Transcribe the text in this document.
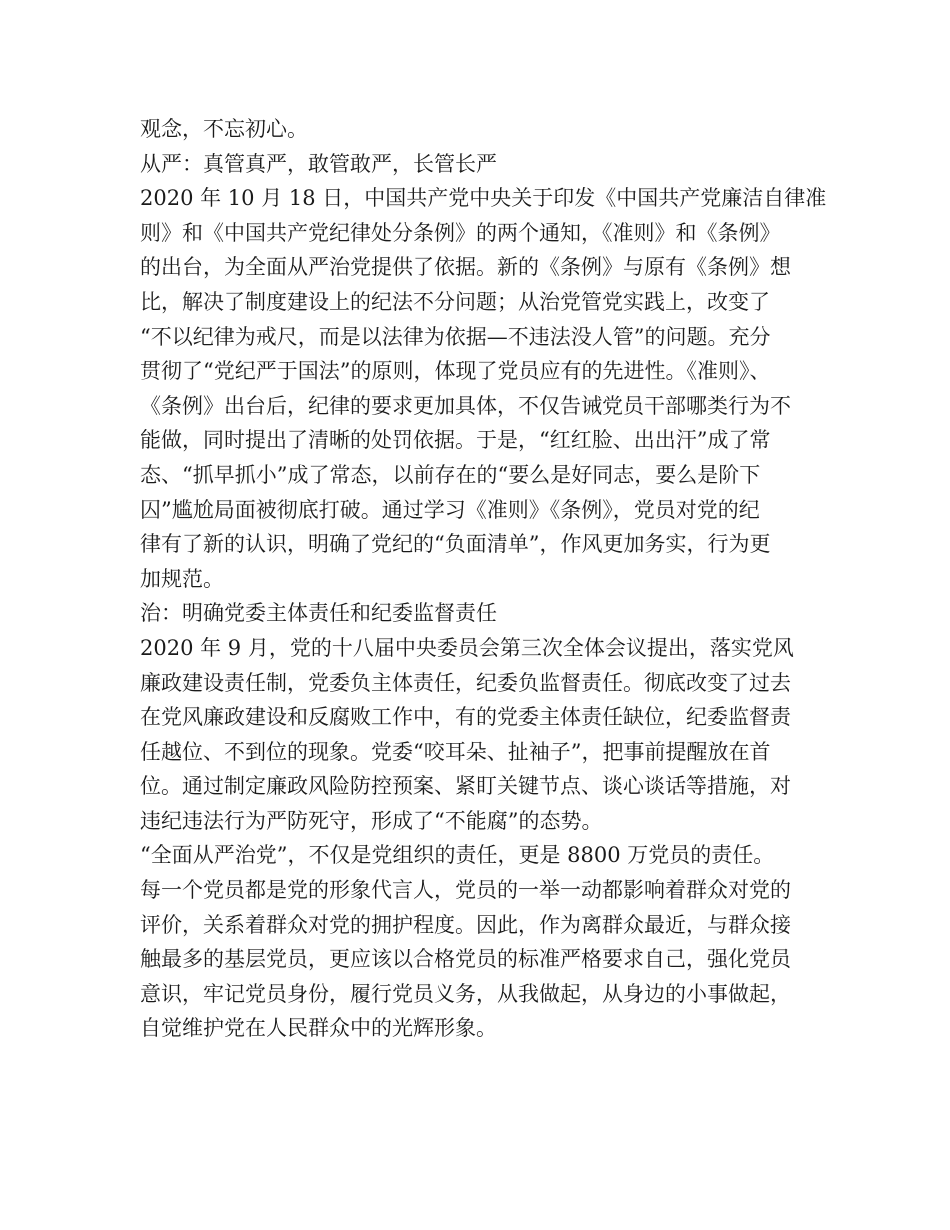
观念，不忘初心。
从严：真管真严，敢管敢严，长管长严
2020 年 10 月 18 日，中国共产党中央关于印发《中国共产党廉洁自律准
则》和《中国共产党纪律处分条例》的两个通知，《准则》和《条例》
的出台，为全面从严治党提供了依据。新的《条例》与原有《条例》想
比，解决了制度建设上的纪法不分问题；从治党管党实践上，改变了
“不以纪律为戒尺，而是以法律为依据—不违法没人管”的问题。充分
贯彻了“党纪严于国法”的原则，体现了党员应有的先进性。《准则》、
《条例》出台后，纪律的要求更加具体，不仅告诫党员干部哪类行为不
能做，同时提出了清晰的处罚依据。于是，“红红脸、出出汗”成了常
态、“抓早抓小”成了常态，以前存在的“要么是好同志，要么是阶下
囚”尴尬局面被彻底打破。通过学习《准则》《条例》，党员对党的纪
律有了新的认识，明确了党纪的“负面清单”，作风更加务实，行为更
加规范。
治：明确党委主体责任和纪委监督责任
2020 年 9 月，党的十八届中央委员会第三次全体会议提出，落实党风
廉政建设责任制，党委负主体责任，纪委负监督责任。彻底改变了过去
在党风廉政建设和反腐败工作中，有的党委主体责任缺位，纪委监督责
任越位、不到位的现象。党委“咬耳朵、扯袖子”，把事前提醒放在首
位。通过制定廉政风险防控预案、紧盯关键节点、谈心谈话等措施，对
违纪违法行为严防死守，形成了“不能腐”的态势。
“全面从严治党”，不仅是党组织的责任，更是 8800 万党员的责任。
每一个党员都是党的形象代言人，党员的一举一动都影响着群众对党的
评价，关系着群众对党的拥护程度。因此，作为离群众最近，与群众接
触最多的基层党员，更应该以合格党员的标准严格要求自己，强化党员
意识，牢记党员身份，履行党员义务，从我做起，从身边的小事做起，
自觉维护党在人民群众中的光辉形象。
